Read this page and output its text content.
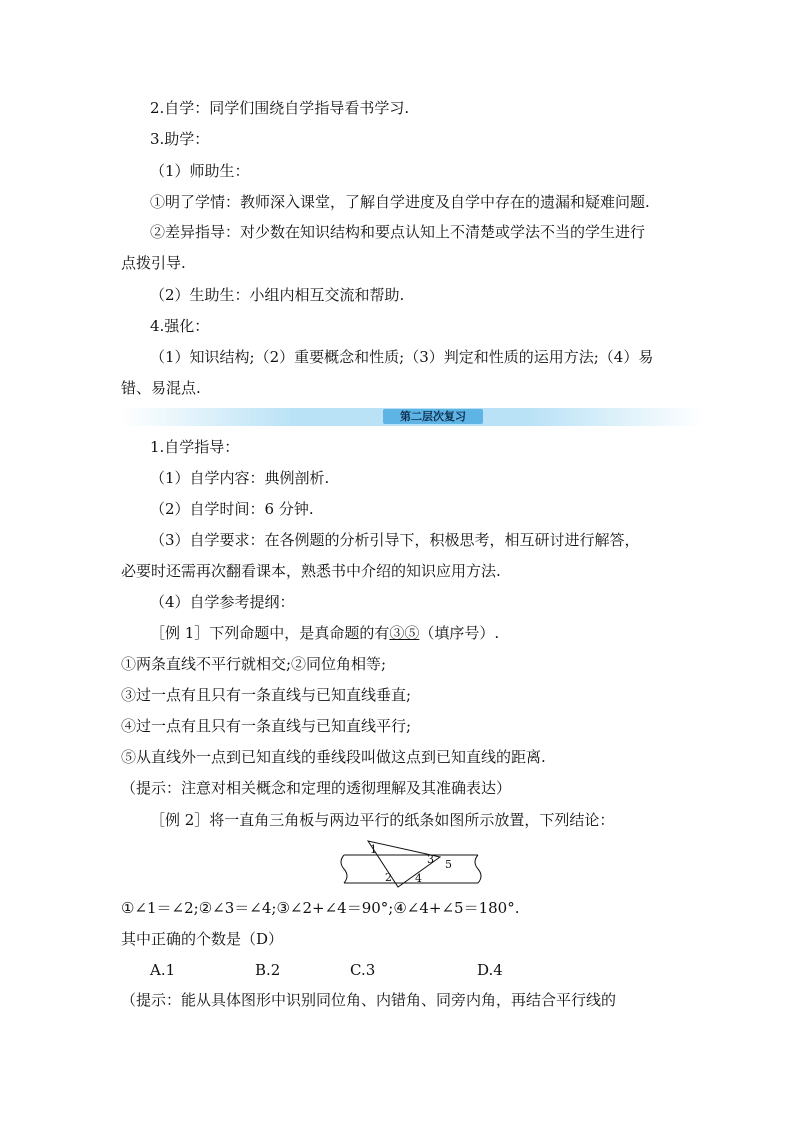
2.自学：同学们围绕自学指导看书学习.
3.助学：
（1）师助生：
①明了学情：教师深入课堂，了解自学进度及自学中存在的遗漏和疑难问题.
②差异指导：对少数在知识结构和要点认知上不清楚或学法不当的学生进行
点拨引导.
（2）生助生：小组内相互交流和帮助.
4.强化：
（1）知识结构;（2）重要概念和性质;（3）判定和性质的运用方法;（4）易
错、易混点.
第二层次复习
1.自学指导：
（1）自学内容：典例剖析.
（2）自学时间：6 分钟.
（3）自学要求：在各例题的分析引导下，积极思考，相互研讨进行解答，
必要时还需再次翻看课本，熟悉书中介绍的知识应用方法.
（4）自学参考提纲：
［例 1］下列命题中，是真命题的有③⑤（填序号）.
①两条直线不平行就相交;②同位角相等;
③过一点有且只有一条直线与已知直线垂直;
④过一点有且只有一条直线与已知直线平行;
⑤从直线外一点到已知直线的垂线段叫做这点到已知直线的距离.
（提示：注意对相关概念和定理的透彻理解及其准确表达）
［例 2］将一直角三角板与两边平行的纸条如图所示放置，下列结论：
1
2
3
4
5
①∠1＝∠2;②∠3＝∠4;③∠2+∠4＝90°;④∠4+∠5＝180°.
其中正确的个数是（D）
A.1	B.2	C.3	D.4
（提示：能从具体图形中识别同位角、内错角、同旁内角，再结合平行线的
